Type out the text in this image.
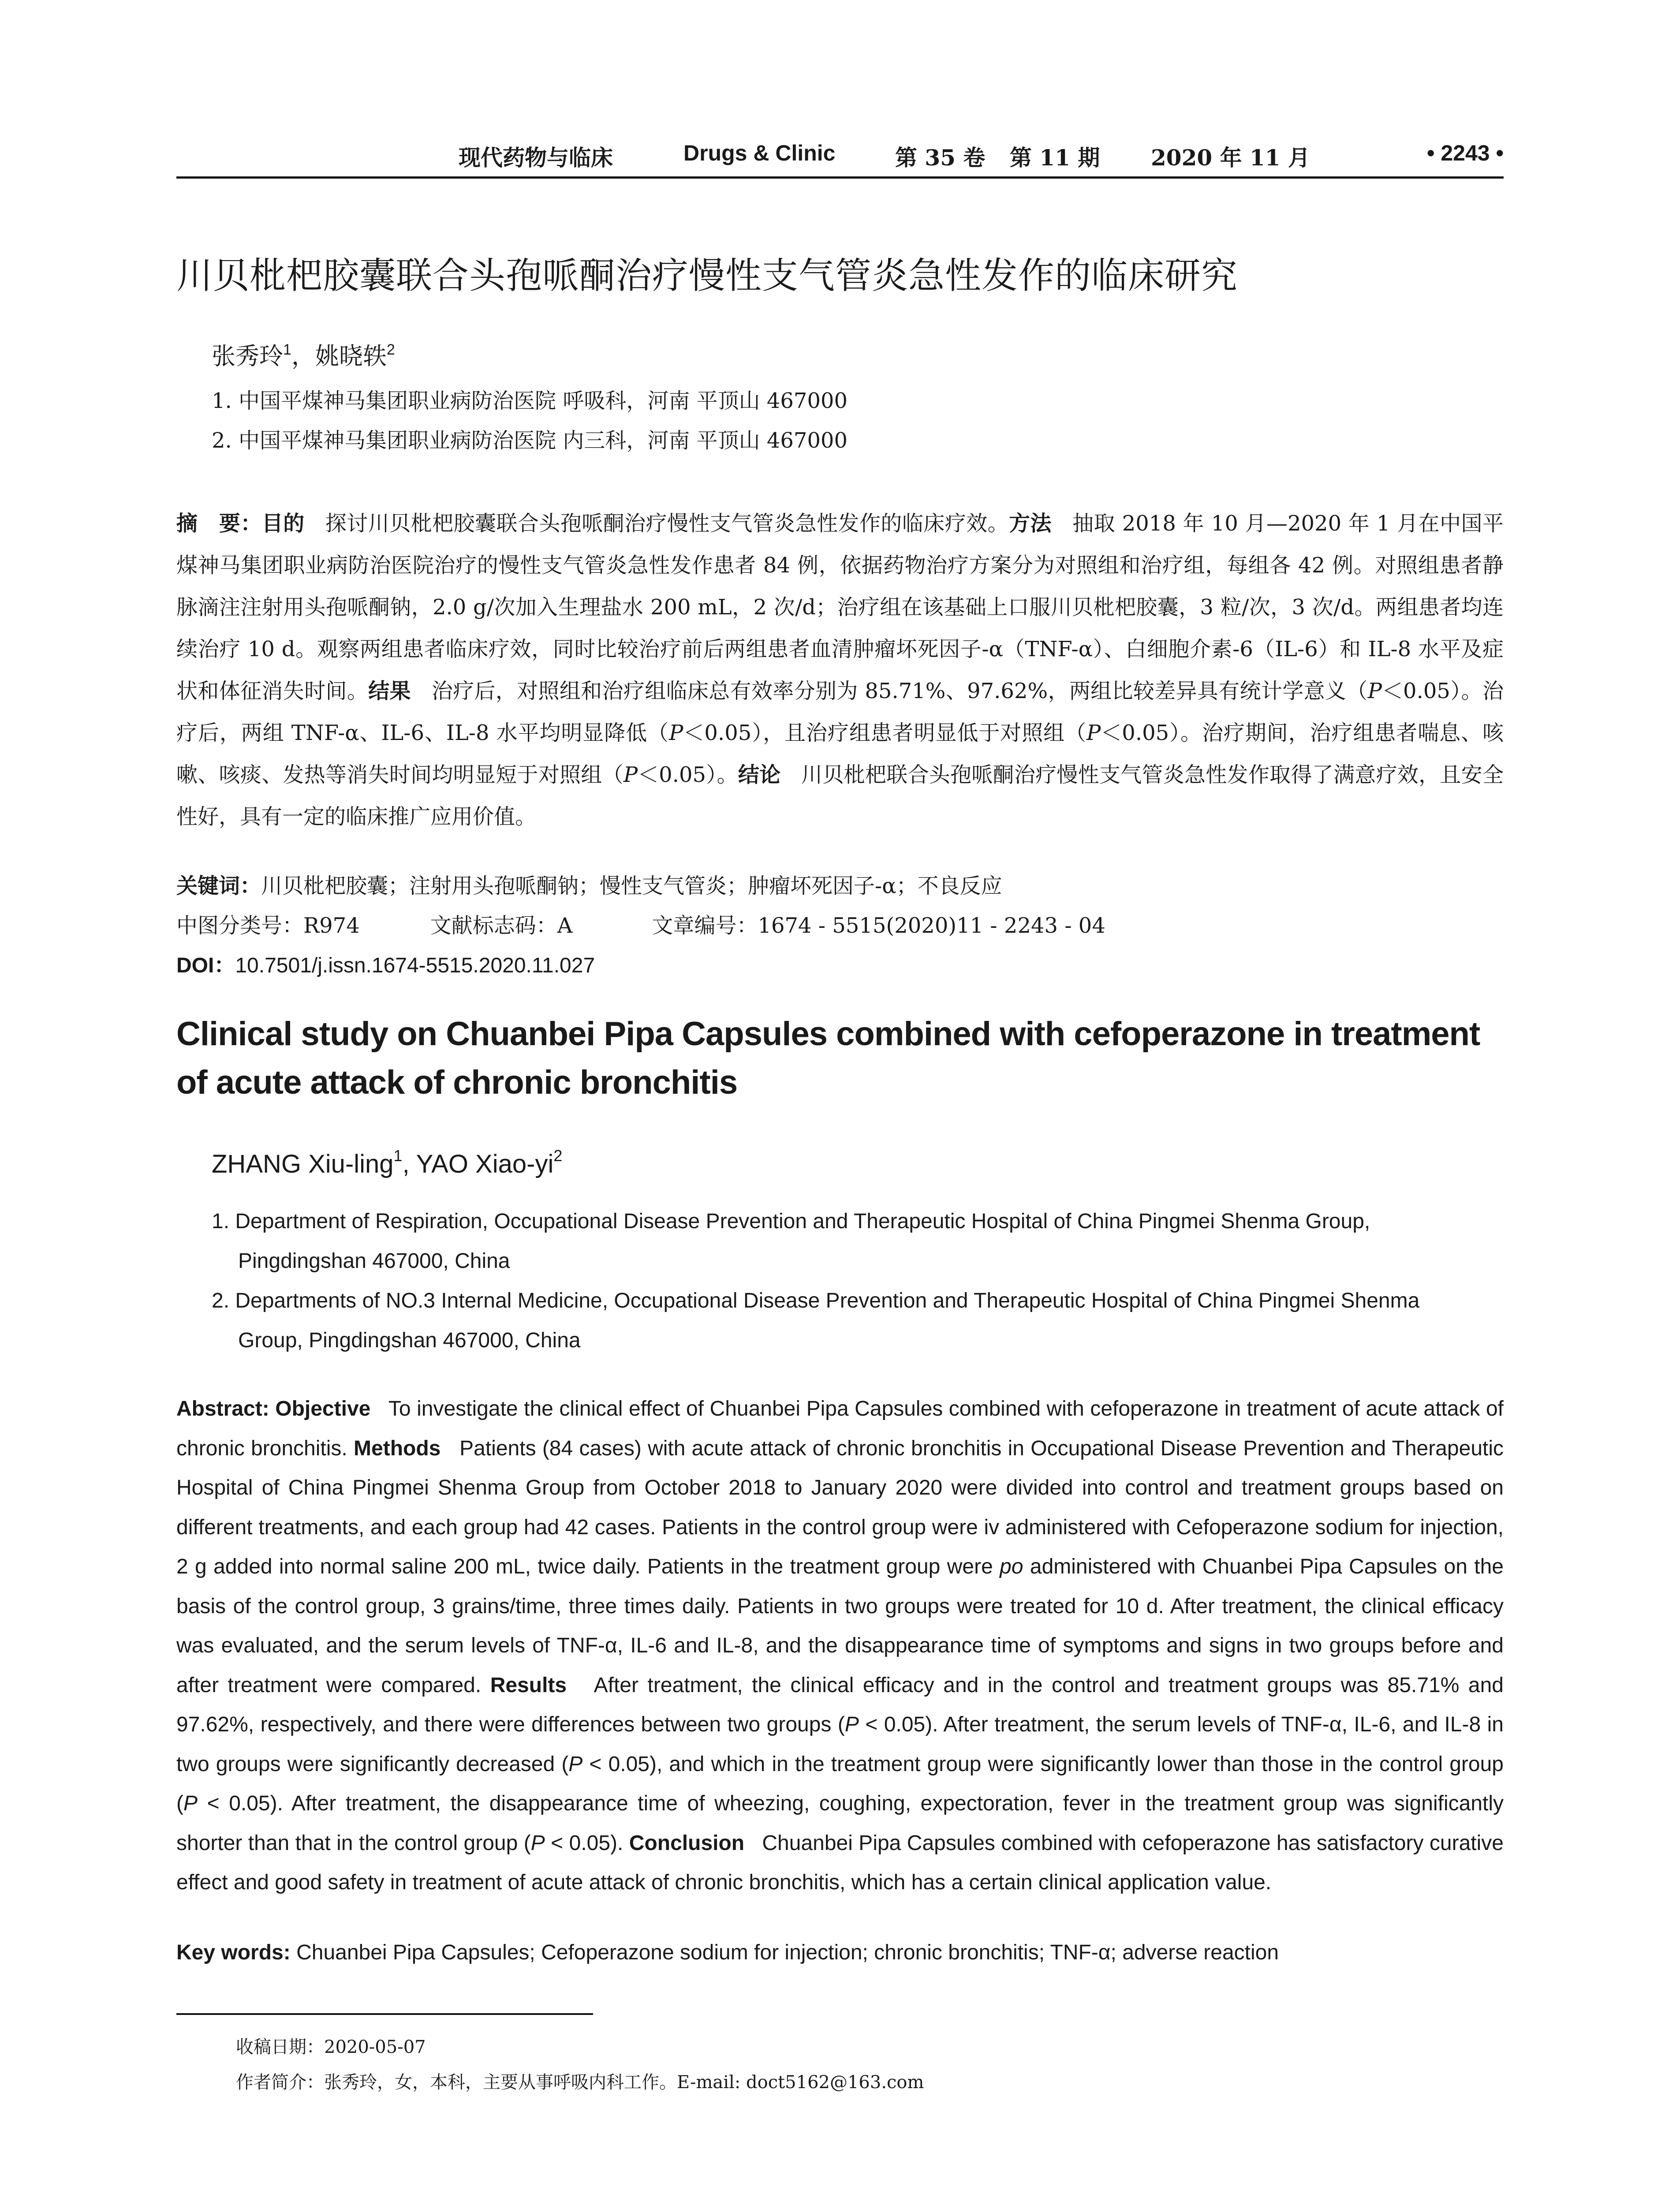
现代药物与临床	Drugs & Clinic	第 35 卷 第 11 期 2020 年 11 月	• 2243 •
川贝枇杷胶囊联合头孢哌酮治疗慢性支气管炎急性发作的临床研究
张秀玲$^1$，姚晓轶$^2$
1. 中国平煤神马集团职业病防治医院 呼吸科，河南 平顶山 467000
2. 中国平煤神马集团职业病防治医院 内三科，河南 平顶山 467000
摘　要：目的 探讨川贝枇杷胶囊联合头孢哌酮治疗慢性支气管炎急性发作的临床疗效。方法 抽取 2018 年 10 月—2020 年 1 月在中国平煤神马集团职业病防治医院治疗的慢性支气管炎急性发作患者 84 例，依据药物治疗方案分为对照组和治疗组，每组各 42 例。对照组患者静脉滴注注射用头孢哌酮钠，2.0 g/次加入生理盐水 200 mL，2 次/d；治疗组在该基础上口服川贝枇杷胶囊，3 粒/次，3 次/d。两组患者均连续治疗 10 d。观察两组患者临床疗效，同时比较治疗前后两组患者血清肿瘤坏死因子-α（TNF-α）、白细胞介素-6（IL-6）和 IL-8 水平及症状和体征消失时间。结果 治疗后，对照组和治疗组临床总有效率分别为 85.71%、97.62%，两组比较差异具有统计学意义（P＜0.05）。治疗后，两组 TNF-α、IL-6、IL-8 水平均明显降低（P＜0.05），且治疗组患者明显低于对照组（P＜0.05）。治疗期间，治疗组患者喘息、咳嗽、咳痰、发热等消失时间均明显短于对照组（P＜0.05）。结论 川贝枇杷联合头孢哌酮治疗慢性支气管炎急性发作取得了满意疗效，且安全性好，具有一定的临床推广应用价值。
关键词：川贝枇杷胶囊；注射用头孢哌酮钠；慢性支气管炎；肿瘤坏死因子-α；不良反应
中图分类号：R974	文献标志码：A	文章编号：1674 - 5515(2020)11 - 2243 - 04
DOI：10.7501/j.issn.1674-5515.2020.11.027
Clinical study on Chuanbei Pipa Capsules combined with cefoperazone in treatment of acute attack of chronic bronchitis
ZHANG Xiu-ling$^1$, YAO Xiao-$yi^2$
1. Department of Respiration, Occupational Disease Prevention and Therapeutic Hospital of China Pingmei Shenma Group,
Pingdingshan 467000, China
2. Departments of NO.3 Internal Medicine, Occupational Disease Prevention and Therapeutic Hospital of China Pingmei Shenma
Group, Pingdingshan 467000, China
Abstract: Objective To investigate the clinical effect of Chuanbei Pipa Capsules combined with cefoperazone in treatment of acute attack of chronic bronchitis. Methods Patients (84 cases) with acute attack of chronic bronchitis in Occupational Disease Prevention and Therapeutic Hospital of China Pingmei Shenma Group from October 2018 to January 2020 were divided into control and treatment groups based on different treatments, and each group had 42 cases. Patients in the control group were iv administered with Cefoperazone sodium for injection, 2 g added into normal saline 200 mL, twice daily. Patients in the treatment group were po administered with Chuanbei Pipa Capsules on the basis of the control group, 3 grains/time, three times daily. Patients in two groups were treated for 10 d. After treatment, the clinical efficacy was evaluated, and the serum levels of TNF-α, IL-6 and IL-8, and the disappearance time of symptoms and signs in two groups before and after treatment were compared. Results After treatment, the clinical efficacy and in the control and treatment groups was 85.71% and 97.62%, respectively, and there were differences between two groups (P < 0.05). After treatment, the serum levels of TNF-α, IL-6, and IL-8 in two groups were significantly decreased (P < 0.05), and which in the treatment group were significantly lower than those in the control group (P < 0.05). After treatment, the disappearance time of wheezing, coughing, expectoration, fever in the treatment group was significantly shorter than that in the control group (P < 0.05). Conclusion Chuanbei Pipa Capsules combined with cefoperazone has satisfactory curative effect and good safety in treatment of acute attack of chronic bronchitis, which has a certain clinical application value.
Key words: Chuanbei Pipa Capsules; Cefoperazone sodium for injection; chronic bronchitis; TNF-α; adverse reaction
收稿日期：2020-05-07
作者简介：张秀玲，女，本科，主要从事呼吸内科工作。E-mail: doct5162@163.com
